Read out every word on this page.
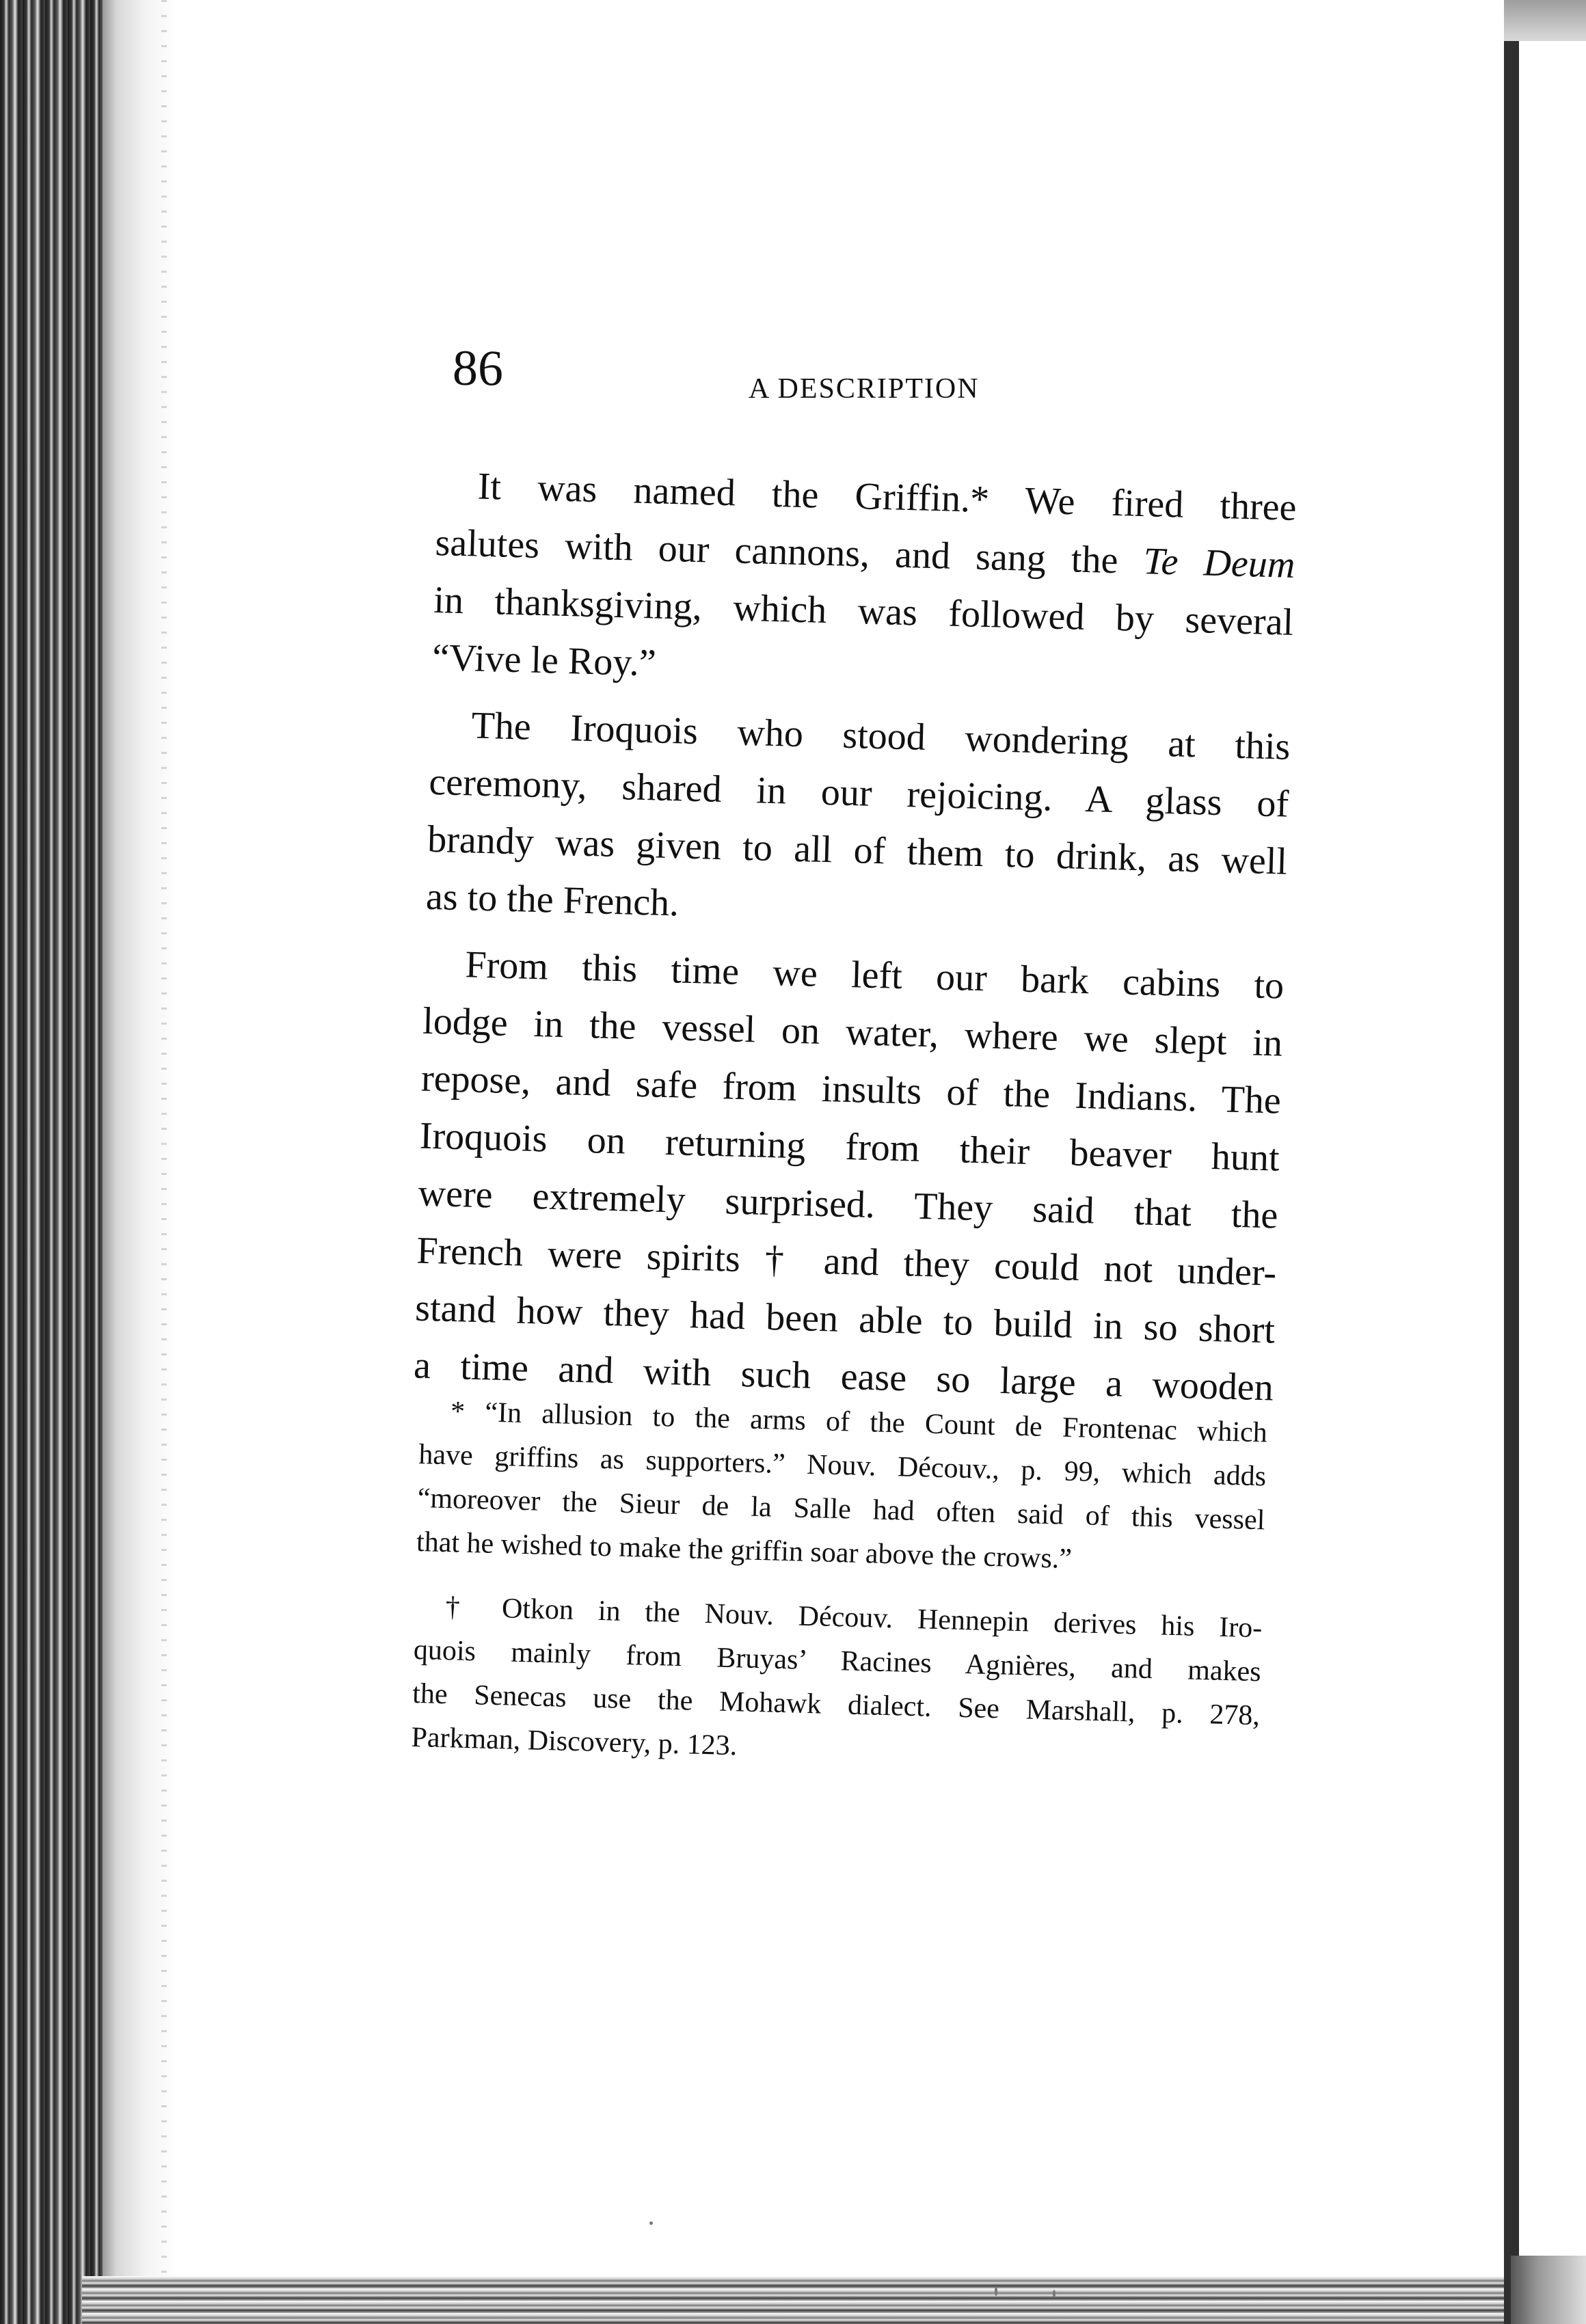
86	A DESCRIPTION
It was named the Griffin.* We fired three
salutes with our cannons, and sang the Te Deum
in thanksgiving, which was followed by several
“Vive le Roy.”
The Iroquois who stood wondering at this
ceremony, shared in our rejoicing. A glass of
brandy was given to all of them to drink, as well
as to the French.
From this time we left our bark cabins to
lodge in the vessel on water, where we slept in
repose, and safe from insults of the Indians. The
Iroquois on returning from their beaver hunt
were extremely surprised. They said that the
French were spirits † and they could not under-
stand how they had been able to build in so short
a time and with such ease so large a wooden
* “In allusion to the arms of the Count de Frontenac which
have griffins as supporters.” Nouv. Découv., p. 99, which adds
“moreover the Sieur de la Salle had often said of this vessel
that he wished to make the griffin soar above the crows.”
† Otkon in the Nouv. Découv. Hennepin derives his Iro-
quois mainly from Bruyas’ Racines Agnières, and makes
the Senecas use the Mohawk dialect. See Marshall, p. 278,
Parkman, Discovery, p. 123.
